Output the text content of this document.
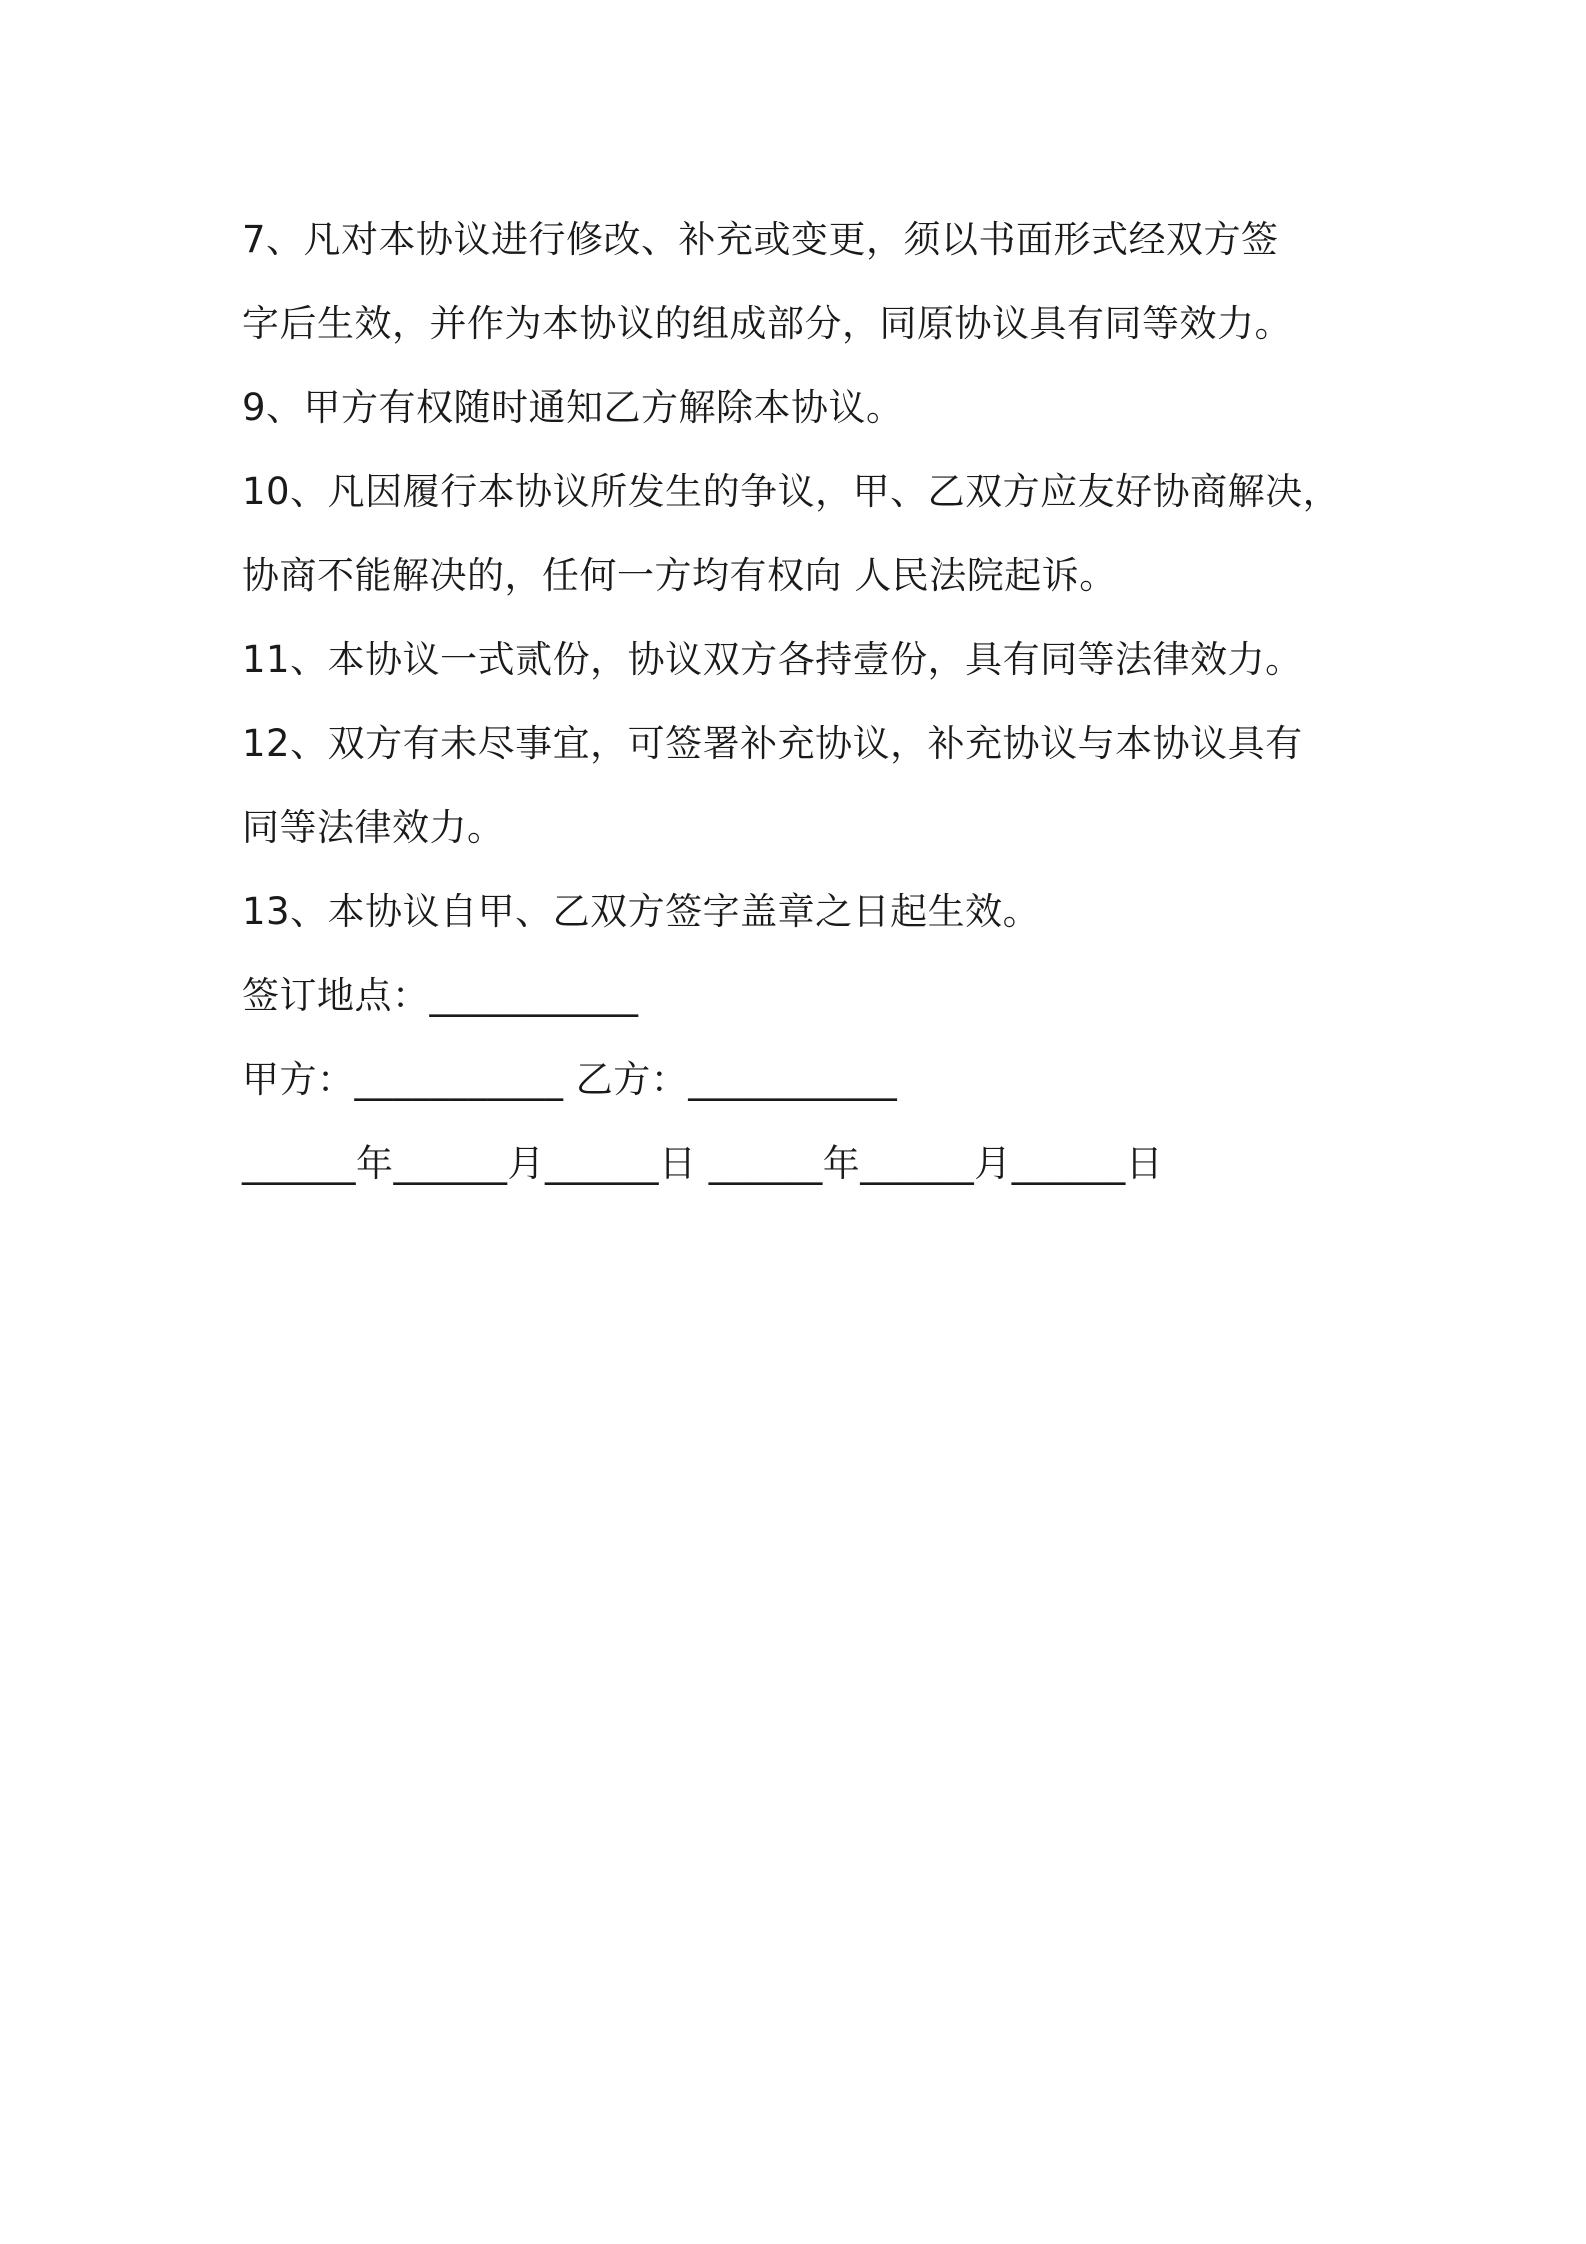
7、凡对本协议进行修改、补充或变更，须以书面形式经双方签
字后生效，并作为本协议的组成部分，同原协议具有同等效力。
9、甲方有权随时通知乙方解除本协议。
10、凡因履行本协议所发生的争议，甲、乙双方应友好协商解决，
协商不能解决的，任何一方均有权向 人民法院起诉。
11、本协议一式贰份，协议双方各持壹份，具有同等法律效力。
12、双方有未尽事宜，可签署补充协议，补充协议与本协议具有
同等法律效力。
13、本协议自甲、乙双方签字盖章之日起生效。
签订地点：___________
甲方：___________ 乙方：___________
______年______月______日 ______年______月______日
